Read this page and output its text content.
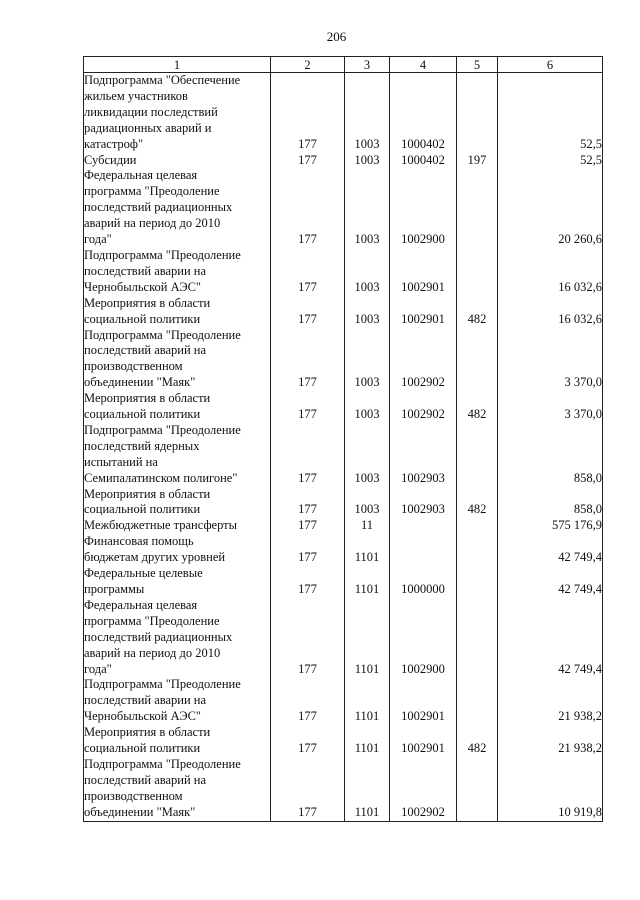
206
1	2	3	4	5	6
Подпрограмма "Обеспечение
жильем участников
ликвидации последствий
радиационных аварий и
катастроф"	177	1003	1000402		52,5
Субсидии	177	1003	1000402	197	52,5
Федеральная целевая
программа "Преодоление
последствий радиационных
аварий на период до 2010
года"	177	1003	1002900		20 260,6
Подпрограмма "Преодоление
последствий аварии на
Чернобыльской АЭС"	177	1003	1002901		16 032,6
Мероприятия в области
социальной политики	177	1003	1002901	482	16 032,6
Подпрограмма "Преодоление
последствий аварий на
производственном
объединении "Маяк"	177	1003	1002902		3 370,0
Мероприятия в области
социальной политики	177	1003	1002902	482	3 370,0
Подпрограмма "Преодоление
последствий ядерных
испытаний на
Семипалатинском полигоне"	177	1003	1002903		858,0
Мероприятия в области
социальной политики	177	1003	1002903	482	858,0
Межбюджетные трансферты	177	11			575 176,9
Финансовая помощь
бюджетам других уровней	177	1101			42 749,4
Федеральные целевые
программы	177	1101	1000000		42 749,4
Федеральная целевая
программа "Преодоление
последствий радиационных
аварий на период до 2010
года"	177	1101	1002900		42 749,4
Подпрограмма "Преодоление
последствий аварии на
Чернобыльской АЭС"	177	1101	1002901		21 938,2
Мероприятия в области
социальной политики	177	1101	1002901	482	21 938,2
Подпрограмма "Преодоление
последствий аварий на
производственном
объединении "Маяк"	177	1101	1002902		10 919,8
